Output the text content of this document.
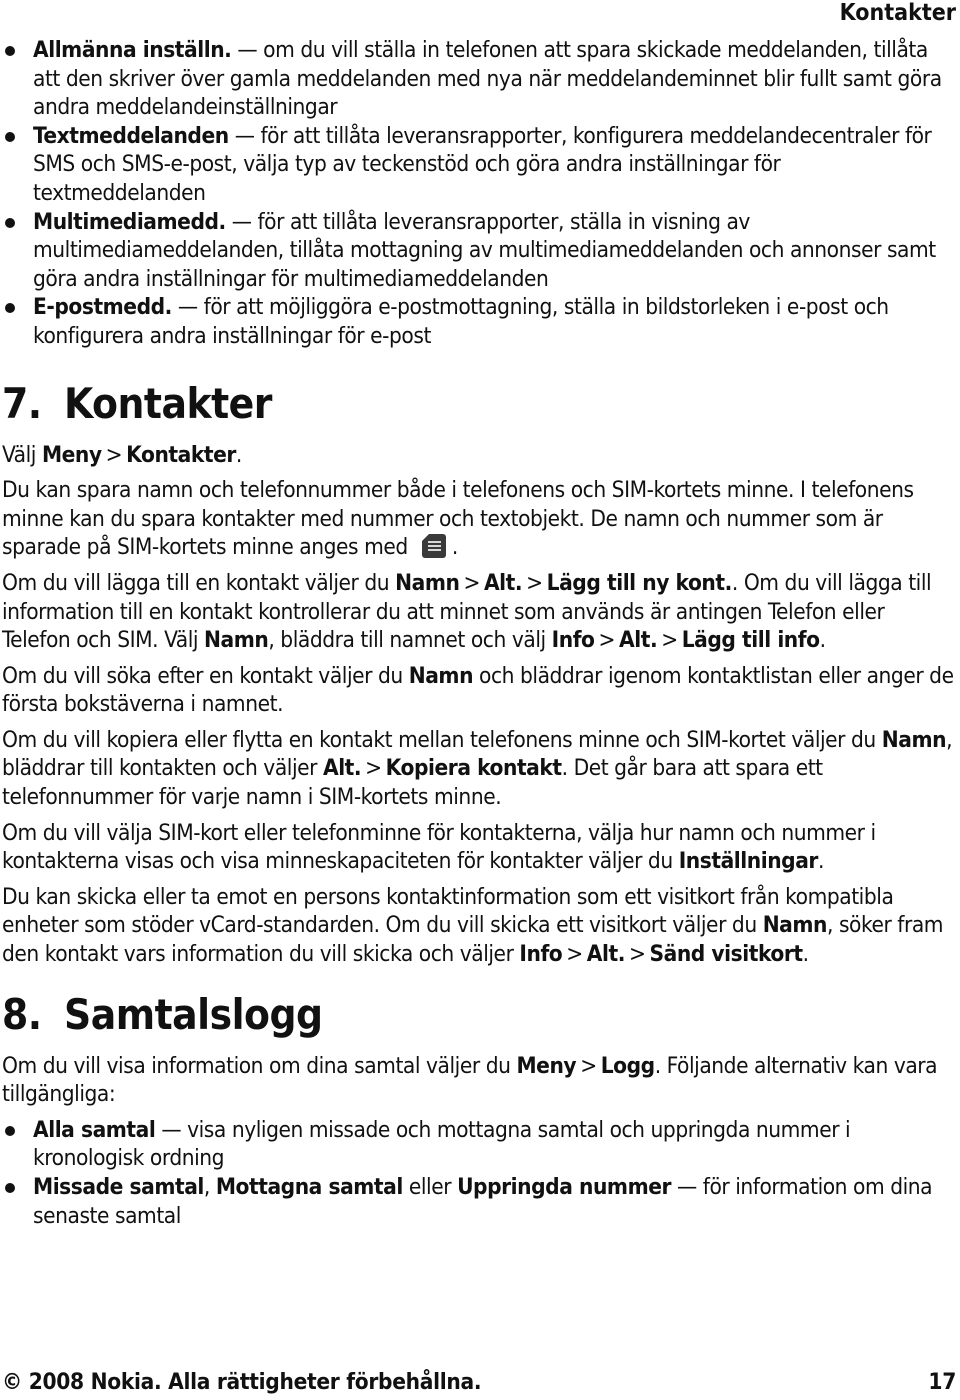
Kontakter
Allmänna inställn. — om du vill ställa in telefonen att spara skickade meddelanden, tillåta att den skriver över gamla meddelanden med nya när meddelandeminnet blir fullt samt göra andra meddelandeinställningar
Textmeddelanden — för att tillåta leveransrapporter, konfigurera meddelandecentraler för SMS och SMS-e-post, välja typ av teckenstöd och göra andra inställningar för textmeddelanden
Multimediamedd. — för att tillåta leveransrapporter, ställa in visning av multimediameddelanden, tillåta mottagning av multimediameddelanden och annonser samt göra andra inställningar för multimediameddelanden
E-postmedd. — för att möjliggöra e-postmottagning, ställa in bildstorleken i e-post och konfigurera andra inställningar för e-post
7. Kontakter

Välj Meny > Kontakter.

Du kan spara namn och telefonnummer både i telefonens och SIM-kortets minne. I telefonens minne kan du spara kontakter med nummer och textobjekt. De namn och nummer som är sparade på SIM-kortets minne anges med .

Om du vill lägga till en kontakt väljer du Namn > Alt. > Lägg till ny kont.. Om du vill lägga till information till en kontakt kontrollerar du att minnet som används är antingen Telefon eller Telefon och SIM. Välj Namn, bläddra till namnet och välj Info > Alt. > Lägg till info.

Om du vill söka efter en kontakt väljer du Namn och bläddrar igenom kontaktlistan eller anger de första bokstäverna i namnet.

Om du vill kopiera eller flytta en kontakt mellan telefonens minne och SIM-kortet väljer du Namn, bläddrar till kontakten och väljer Alt. > Kopiera kontakt. Det går bara att spara ett telefonnummer för varje namn i SIM-kortets minne.

Om du vill välja SIM-kort eller telefonminne för kontakterna, välja hur namn och nummer i kontakterna visas och visa minneskapaciteten för kontakter väljer du Inställningar.

Du kan skicka eller ta emot en persons kontaktinformation som ett visitkort från kompatibla enheter som stöder vCard-standarden. Om du vill skicka ett visitkort väljer du Namn, söker fram den kontakt vars information du vill skicka och väljer Info > Alt. > Sänd visitkort.

8. Samtalslogg

Om du vill visa information om dina samtal väljer du Meny > Logg. Följande alternativ kan vara tillgängliga:

Alla samtal — visa nyligen missade och mottagna samtal och uppringda nummer i kronologisk ordning
Missade samtal, Mottagna samtal eller Uppringda nummer — för information om dina senaste samtal
© 2008 Nokia. Alla rättigheter förbehållna.	17
